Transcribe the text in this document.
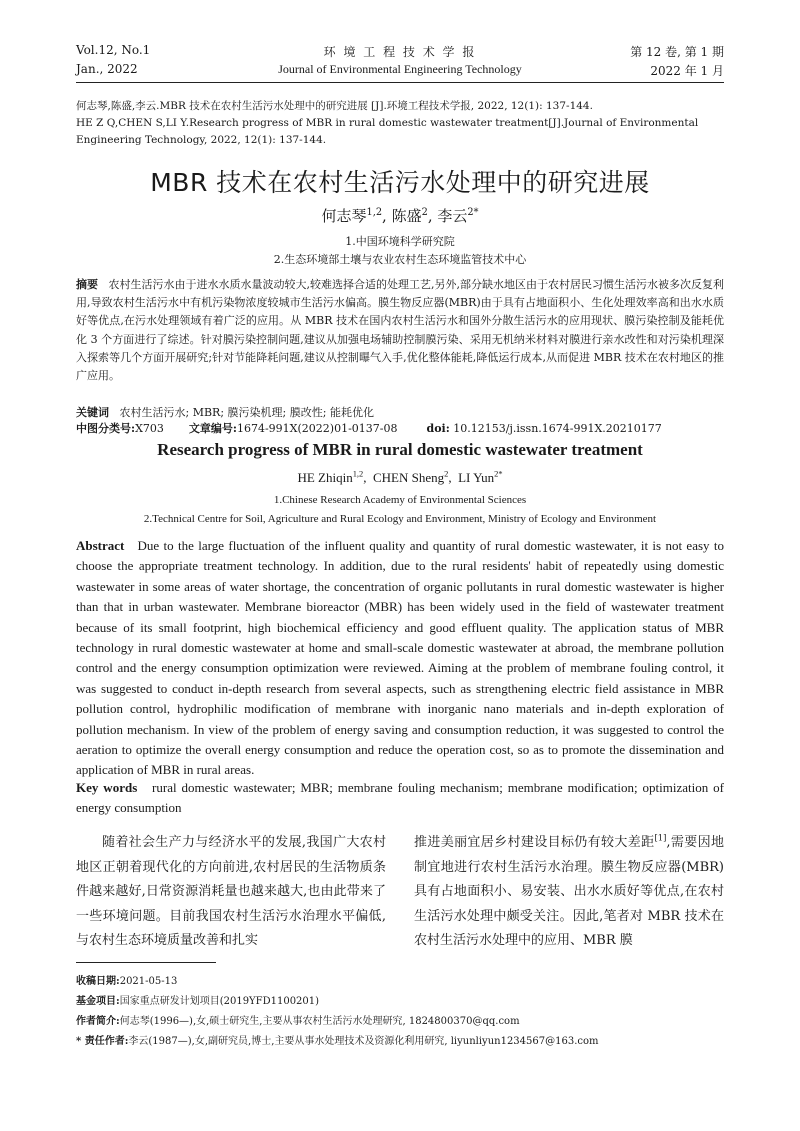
Vol.12, No.1
Jan., 2022
环 境 工 程 技 术 学 报
Journal of Environmental Engineering Technology
第 12 卷, 第 1 期
2022 年 1 月
何志琴,陈盛,李云.MBR 技术在农村生活污水处理中的研究进展 [J].环境工程技术学报, 2022, 12(1): 137-144.
HE Z Q,CHEN S,LI Y.Research progress of MBR in rural domestic wastewater treatment[J].Journal of Environmental Engineering Technology, 2022, 12(1): 137-144.
MBR 技术在农村生活污水处理中的研究进展
何志琴$^{1,2}$, 陈盛$^2$, 李云$^{2*}$
1.中国环境科学研究院
2.生态环境部土壤与农业农村生态环境监管技术中心
摘要 农村生活污水由于进水水质水量波动较大,较难选择合适的处理工艺,另外,部分缺水地区由于农村居民习惯生活污水被多次反复利用,导致农村生活污水中有机污染物浓度较城市生活污水偏高。膜生物反应器(MBR)由于具有占地面积小、生化处理效率高和出水水质好等优点,在污水处理领域有着广泛的应用。从 MBR 技术在国内农村生活污水和国外分散生活污水的应用现状、膜污染控制及能耗优化 3 个方面进行了综述。针对膜污染控制问题,建议从加强电场辅助控制膜污染、采用无机纳米材料对膜进行亲水改性和对污染机理深入探索等几个方面开展研究;针对节能降耗问题,建议从控制曝气入手,优化整体能耗,降低运行成本,从而促进 MBR 技术在农村地区的推广应用。
关键词 农村生活污水; MBR; 膜污染机理; 膜改性; 能耗优化
中图分类号:X703 文章编号:1674-991X(2022)01-0137-08	doi: 10.12153/j.issn.1674-991X.20210177
Research progress of MBR in rural domestic wastewater treatment
HE Zhiqin$^{1,2}$,  CHEN Sheng$^2$,  LI Yun$^{2*}$
1.Chinese Research Academy of Environmental Sciences
2.Technical Centre for Soil, Agriculture and Rural Ecology and Environment, Ministry of Ecology and Environment
Abstract Due to the large fluctuation of the influent quality and quantity of rural domestic wastewater, it is not easy to choose the appropriate treatment technology. In addition, due to the rural residents' habit of repeatedly using domestic wastewater in some areas of water shortage, the concentration of organic pollutants in rural domestic wastewater is higher than that in urban wastewater. Membrane bioreactor (MBR) has been widely used in the field of wastewater treatment because of its small footprint, high biochemical efficiency and good effluent quality. The application status of MBR technology in rural domestic wastewater at home and small-scale domestic wastewater at abroad, the membrane pollution control and the energy consumption optimization were reviewed. Aiming at the problem of membrane fouling control, it was suggested to conduct in-depth research from several aspects, such as strengthening electric field assistance in MBR pollution control, hydrophilic modification of membrane with inorganic nano materials and in-depth exploration of pollution mechanism. In view of the problem of energy saving and consumption reduction, it was suggested to control the aeration to optimize the overall energy consumption and reduce the operation cost, so as to promote the dissemination and application of MBR in rural areas.
Key words rural domestic wastewater; MBR; membrane fouling mechanism; membrane modification; optimization of energy consumption
随着社会生产力与经济水平的发展,我国广大农村地区正朝着现代化的方向前进,农村居民的生活物质条件越来越好,日常资源消耗量也越来越大,也由此带来了一些环境问题。目前我国农村生活污水治理水平偏低,与农村生态环境质量改善和扎实
推进美丽宜居乡村建设目标仍有较大差距[1],需要因地制宜地进行农村生活污水治理。膜生物反应器(MBR)具有占地面积小、易安装、出水水质好等优点,在农村生活污水处理中颇受关注。因此,笔者对 MBR 技术在农村生活污水处理中的应用、MBR 膜
收稿日期:2021-05-13
基金项目:国家重点研发计划项目(2019YFD1100201)
作者简介:何志琴(1996—),女,硕士研究生,主要从事农村生活污水处理研究, 1824800370@qq.com
* 责任作者:李云(1987—),女,副研究员,博士,主要从事水处理技术及资源化利用研究, liyunliyun1234567@163.com
